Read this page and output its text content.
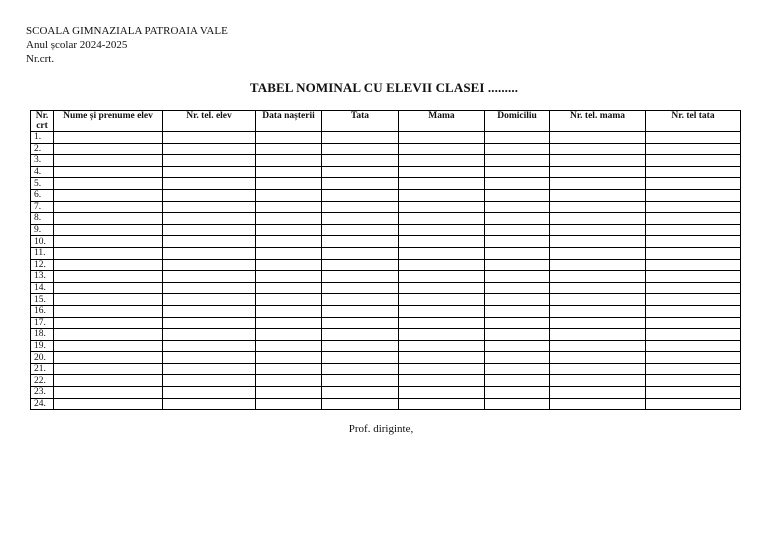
SCOALA GIMNAZIALA PATROAIA VALE
Anul școlar 2024-2025
Nr.crt.
TABEL NOMINAL CU ELEVII CLASEI .........
Nr. crt	Nume și prenume elev	Nr. tel. elev	Data nașterii	Tata	Mama	Domiciliu	Nr. tel. mama	Nr. tel tata
1.								
2.								
3.								
4.								
5.								
6.								
7.								
8.								
9.								
10.								
11.								
12.								
13.								
14.								
15.								
16.								
17.								
18.								
19.								
20.								
21.								
22.								
23.								
24.								
Prof. diriginte,
